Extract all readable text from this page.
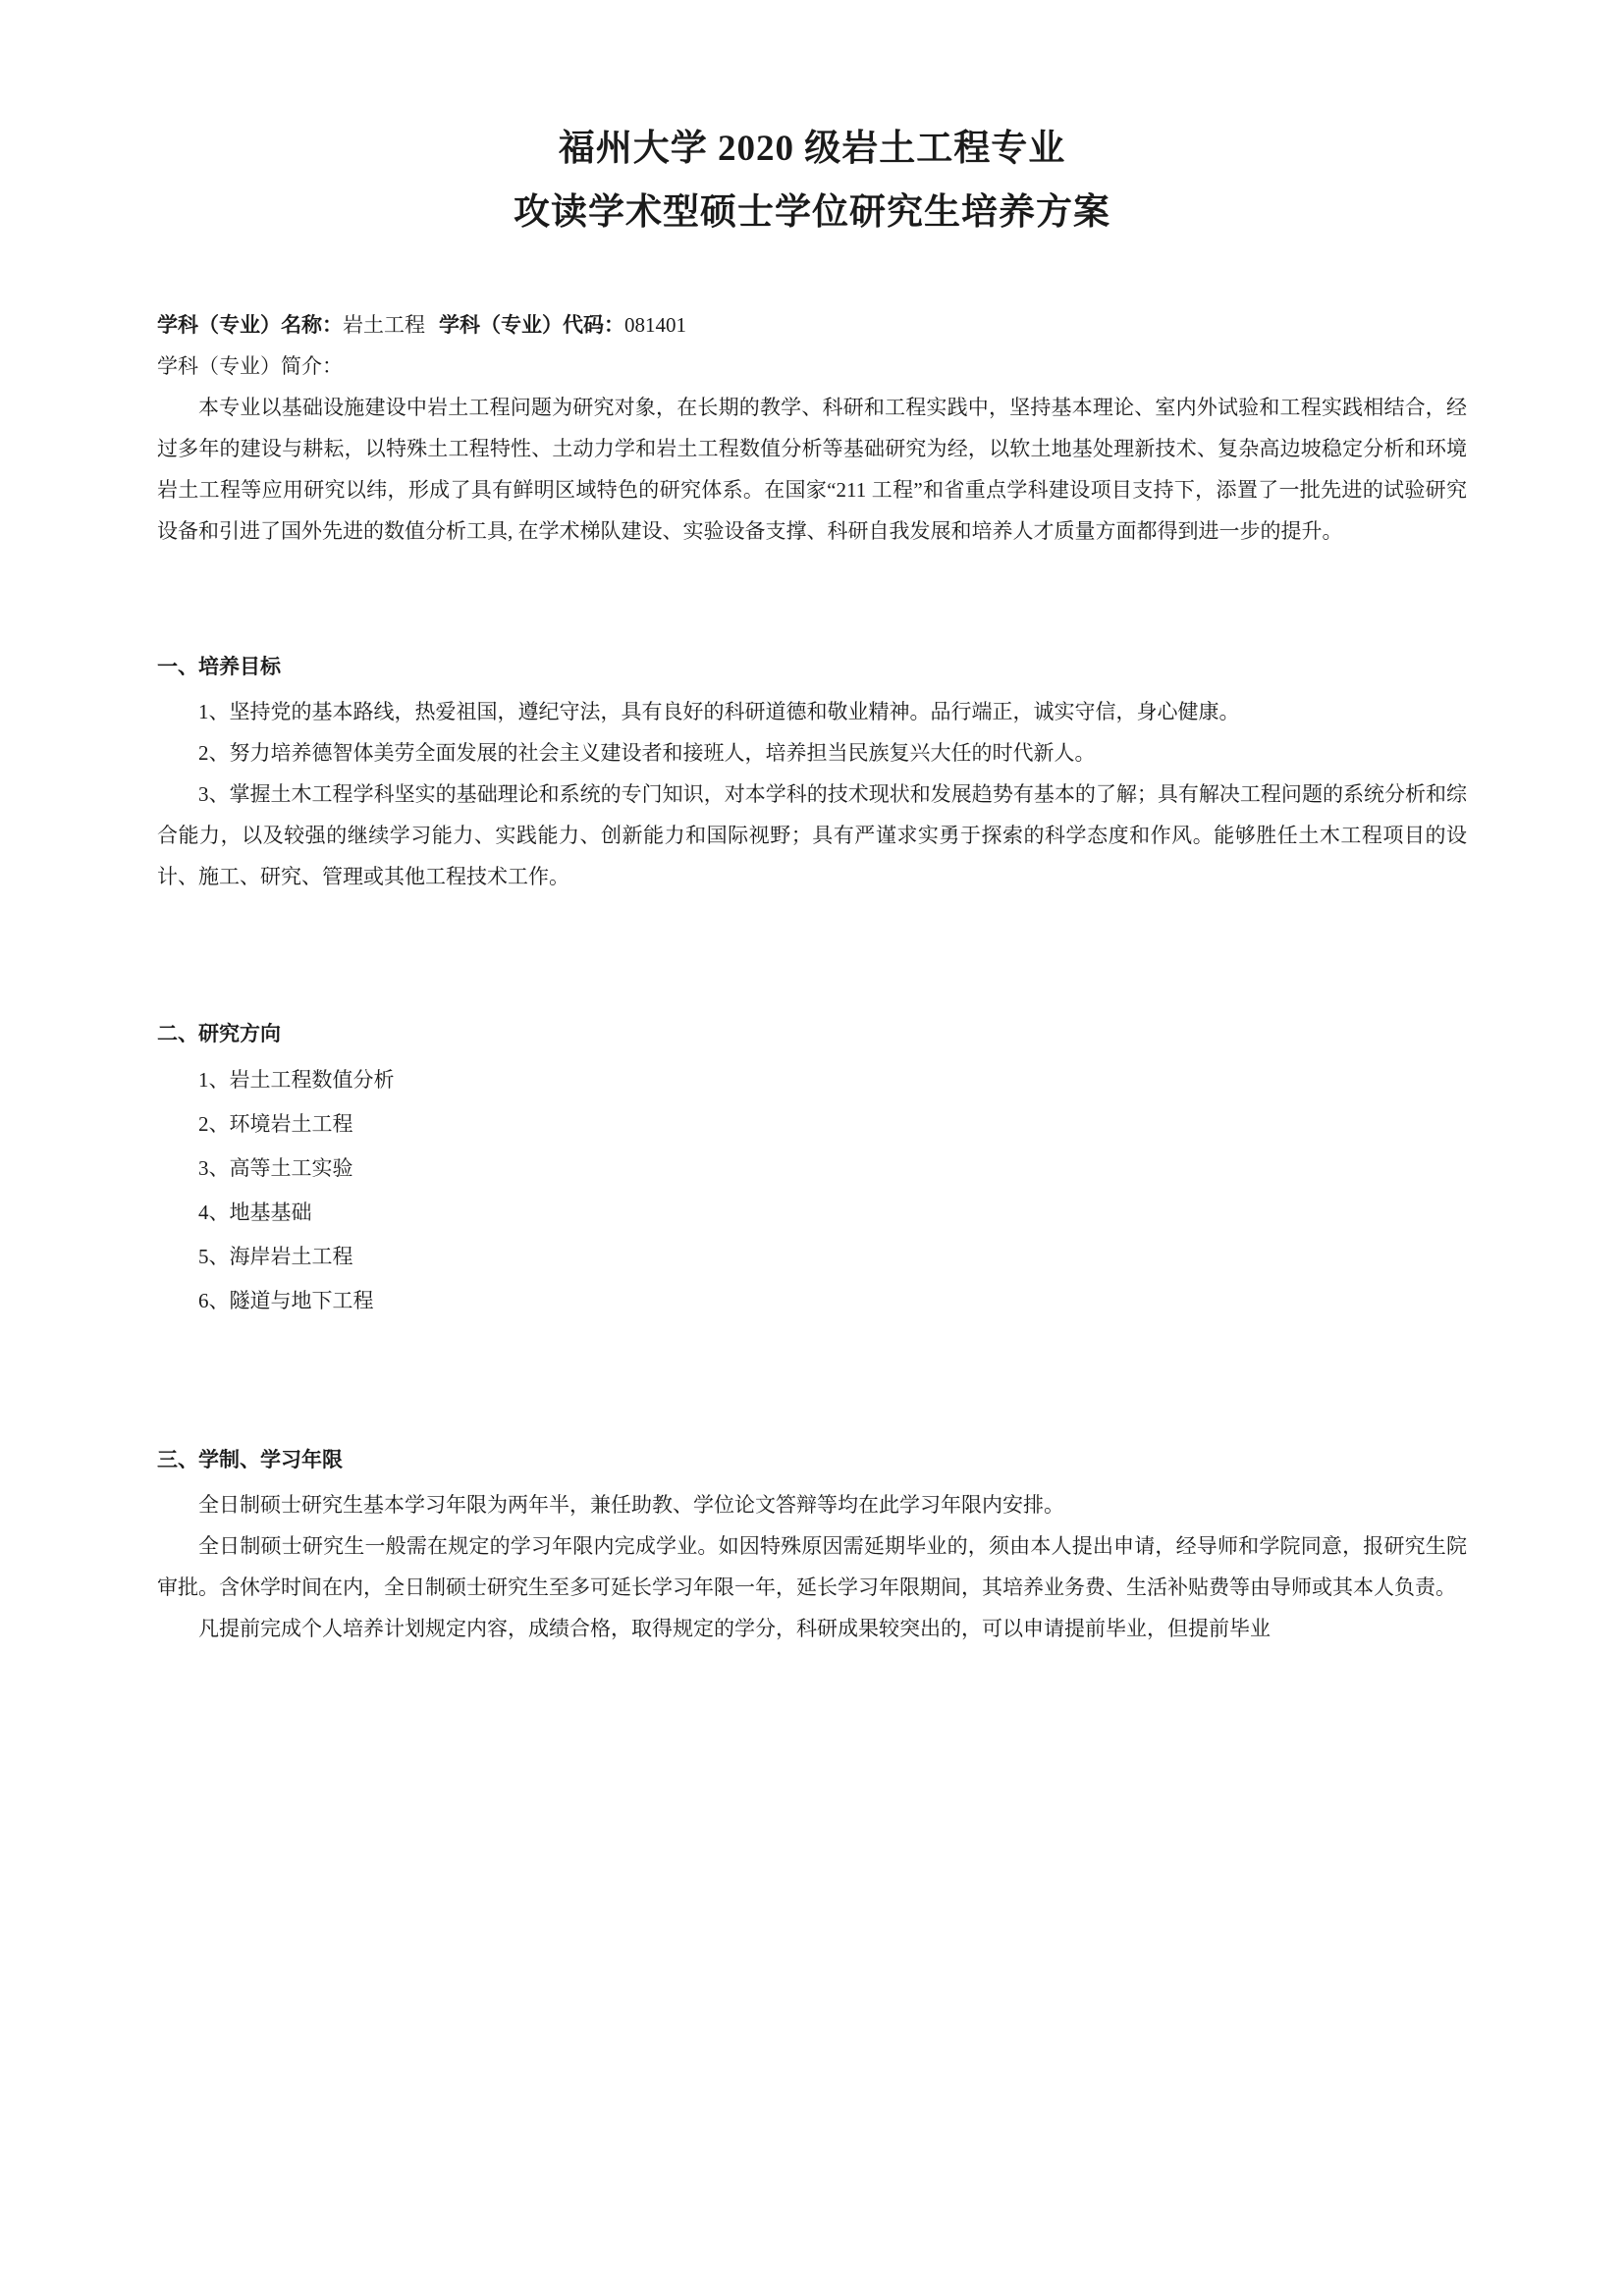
福州大学 2020 级岩土工程专业
攻读学术型硕士学位研究生培养方案
学科（专业）名称：岩土工程 学科（专业）代码：081401
学科（专业）简介：

本专业以基础设施建设中岩土工程问题为研究对象，在长期的教学、科研和工程实践中，坚持基本理论、室内外试验和工程实践相结合，经过多年的建设与耕耘，以特殊土工程特性、土动力学和岩土工程数值分析等基础研究为经，以软土地基处理新技术、复杂高边坡稳定分析和环境岩土工程等应用研究以纬，形成了具有鲜明区域特色的研究体系。在国家“211 工程”和省重点学科建设项目支持下，添置了一批先进的试验研究设备和引进了国外先进的数值分析工具, 在学术梯队建设、实验设备支撑、科研自我发展和培养人才质量方面都得到进一步的提升。

一、培养目标

1、坚持党的基本路线，热爱祖国，遵纪守法，具有良好的科研道德和敬业精神。品行端正，诚实守信，身心健康。

2、努力培养德智体美劳全面发展的社会主义建设者和接班人，培养担当民族复兴大任的时代新人。

3、掌握土木工程学科坚实的基础理论和系统的专门知识，对本学科的技术现状和发展趋势有基本的了解；具有解决工程问题的系统分析和综合能力，以及较强的继续学习能力、实践能力、创新能力和国际视野；具有严谨求实勇于探索的科学态度和作风。能够胜任土木工程项目的设计、施工、研究、管理或其他工程技术工作。

二、研究方向

1、岩土工程数值分析

2、环境岩土工程

3、高等土工实验

4、地基基础

5、海岸岩土工程

6、隧道与地下工程

三、学制、学习年限

全日制硕士研究生基本学习年限为两年半，兼任助教、学位论文答辩等均在此学习年限内安排。

全日制硕士研究生一般需在规定的学习年限内完成学业。如因特殊原因需延期毕业的，须由本人提出申请，经导师和学院同意，报研究生院审批。含休学时间在内，全日制硕士研究生至多可延长学习年限一年，延长学习年限期间，其培养业务费、生活补贴费等由导师或其本人负责。

凡提前完成个人培养计划规定内容，成绩合格，取得规定的学分，科研成果较突出的，可以申请提前毕业，但提前毕业
